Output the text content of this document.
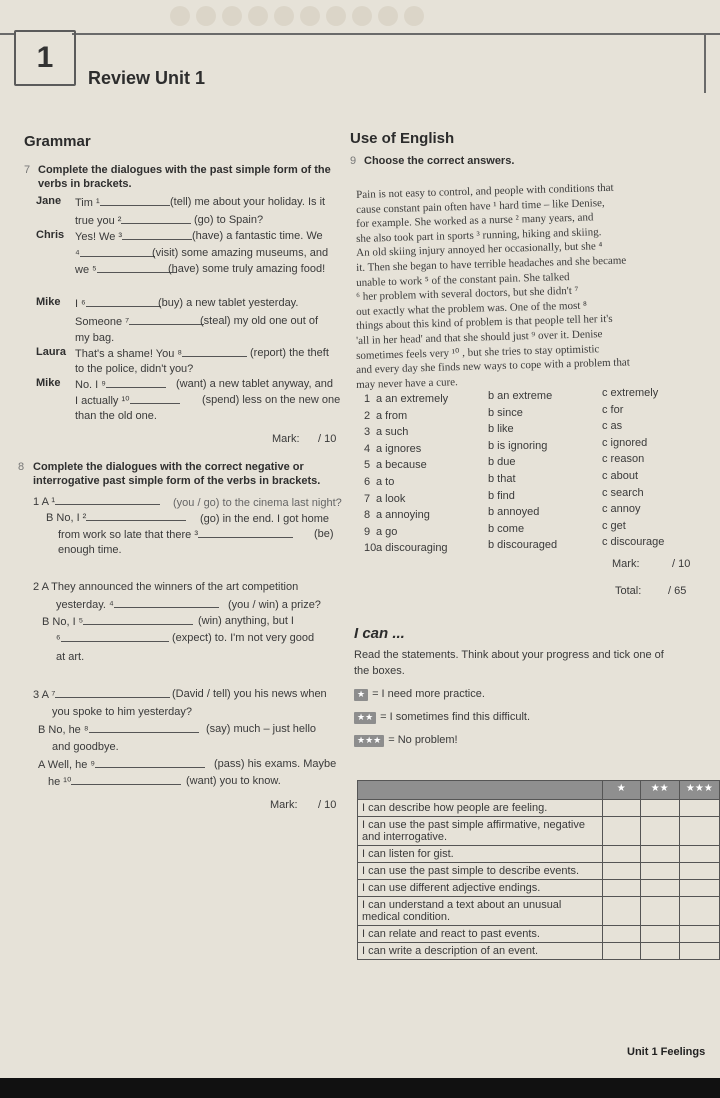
1
Review Unit 1
Grammar
7 Complete the dialogues with the past simple form of the
verbs in brackets.
Jane Tim ¹	(tell) me about your holiday. Is it
true you ²	(go) to Spain?
Chris Yes! We ³	(have) a fantastic time. We
⁴	(visit) some amazing museums, and
we ⁵	(have) some truly amazing food!
Mike I ⁶	(buy) a new tablet yesterday.
Someone ⁷	(steal) my old one out of
my bag.
Laura That's a shame! You ⁸	(report) the theft
to the police, didn't you?
Mike No. I ⁹	(want) a new tablet anyway, and
I actually ¹⁰	(spend) less on the new one
than the old one.
Mark: / 10
8 Complete the dialogues with the correct negative or
interrogative past simple form of the verbs in brackets.
1 A ¹	(you / go) to the cinema last night?
B No, I ²	(go) in the end. I got home
from work so late that there ³	(be)
enough time.
2 A They announced the winners of the art competition
yesterday. ⁴	(you / win) a prize?
B No, I ⁵	(win) anything, but I
⁶	(expect) to. I'm not very good
at art.
3 A ⁷	(David / tell) you his news when
you spoke to him yesterday?
B No, he ⁸	(say) much – just hello
and goodbye.
A Well, he ⁹	(pass) his exams. Maybe
he ¹⁰	(want) you to know.
Mark: / 10
Use of English
9 Choose the correct answers.
Pain is not easy to control, and people with conditions that
cause constant pain often have ¹ hard time – like Denise,
for example. She worked as a nurse ² many years, and
she also took part in sports ³ running, hiking and skiing.
An old skiing injury annoyed her occasionally, but she ⁴
it. Then she began to have terrible headaches and she became
unable to work ⁵ of the constant pain. She talked
⁶ her problem with several doctors, but she didn't ⁷
out exactly what the problem was. One of the most ⁸
things about this kind of problem is that people tell her it's
'all in her head' and that she should just ⁹ over it. Denise
sometimes feels very ¹⁰ , but she tries to stay optimistic
and every day she finds new ways to cope with a problem that
may never have a cure.
1 a an extremely	b an extreme	c extremely
2 a from	b since	c for
3 a such	b like	c as
4 a ignores	b is ignoring	c ignored
5 a because	b due	c reason
6 a to	b that	c about
7 a look	b find	c search
8 a annoying	b annoyed	c annoy
9 a go	b come	c get
10 a discouraging	b discouraged	c discourage
Mark:	/ 10
Total: / 65
I can ...
Read the statements. Think about your progress and tick one of
the boxes.
★ = I need more practice.
★★ = I sometimes find this difficult.
★★★ = No problem!
	★	★★	★★★
I can describe how people are feeling.			
I can use the past simple affirmative, negative and interrogative.			
I can listen for gist.			
I can use the past simple to describe events.			
I can use different adjective endings.			
I can understand a text about an unusual medical condition.			
I can relate and react to past events.			
I can write a description of an event.			
Unit 1 Feelings
